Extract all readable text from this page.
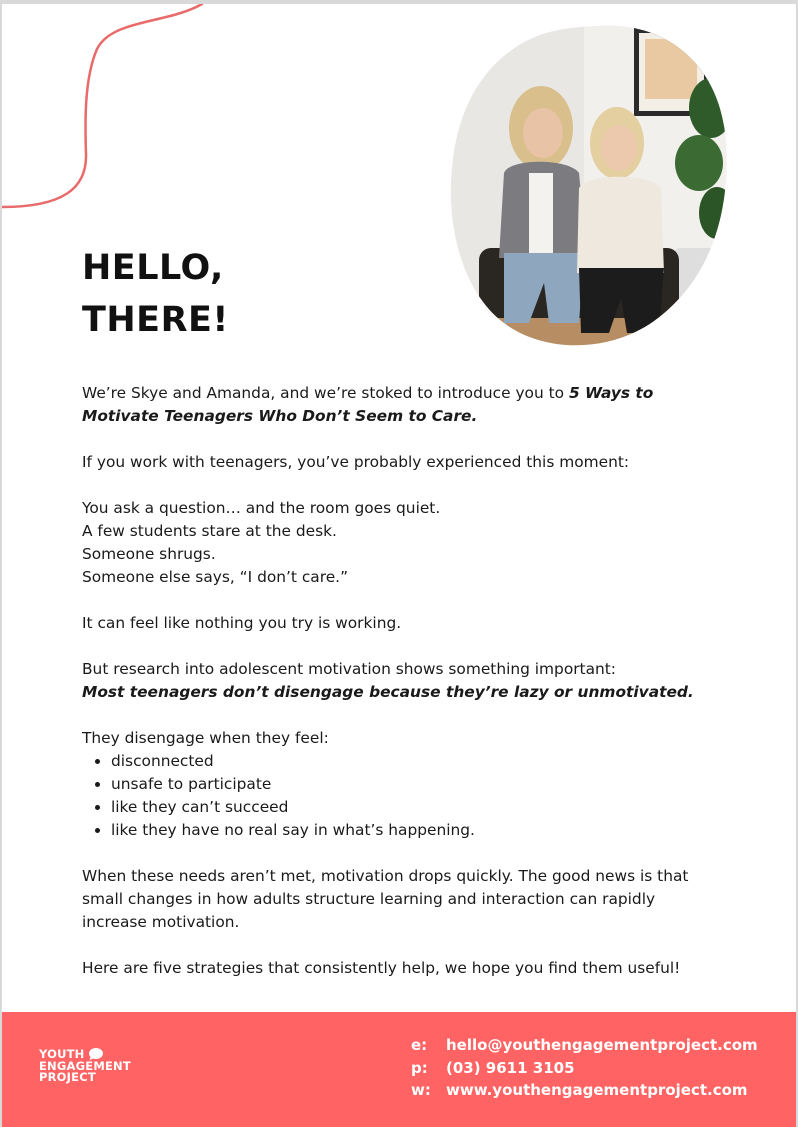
HELLO,
THERE!

We’re Skye and Amanda, and we’re stoked to introduce you to 5 Ways to Motivate Teenagers Who Don’t Seem to Care.

If you work with teenagers, you’ve probably experienced this moment:

You ask a question… and the room goes quiet.
A few students stare at the desk.
Someone shrugs.
Someone else says, “I don’t care.”

It can feel like nothing you try is working.

But research into adolescent motivation shows something important:
Most teenagers don’t disengage because they’re lazy or unmotivated.

They disengage when they feel:
• disconnected
• unsafe to participate
• like they can’t succeed
• like they have no real say in what’s happening.

When these needs aren’t met, motivation drops quickly. The good news is that small changes in how adults structure learning and interaction can rapidly increase motivation.

Here are five strategies that consistently help, we hope you find them useful!

YOUTH
ENGAGEMENT
PROJECT
e:	hello@youthengagementproject.com
p:	(03) 9611 3105
w:	www.youthengagementproject.com
